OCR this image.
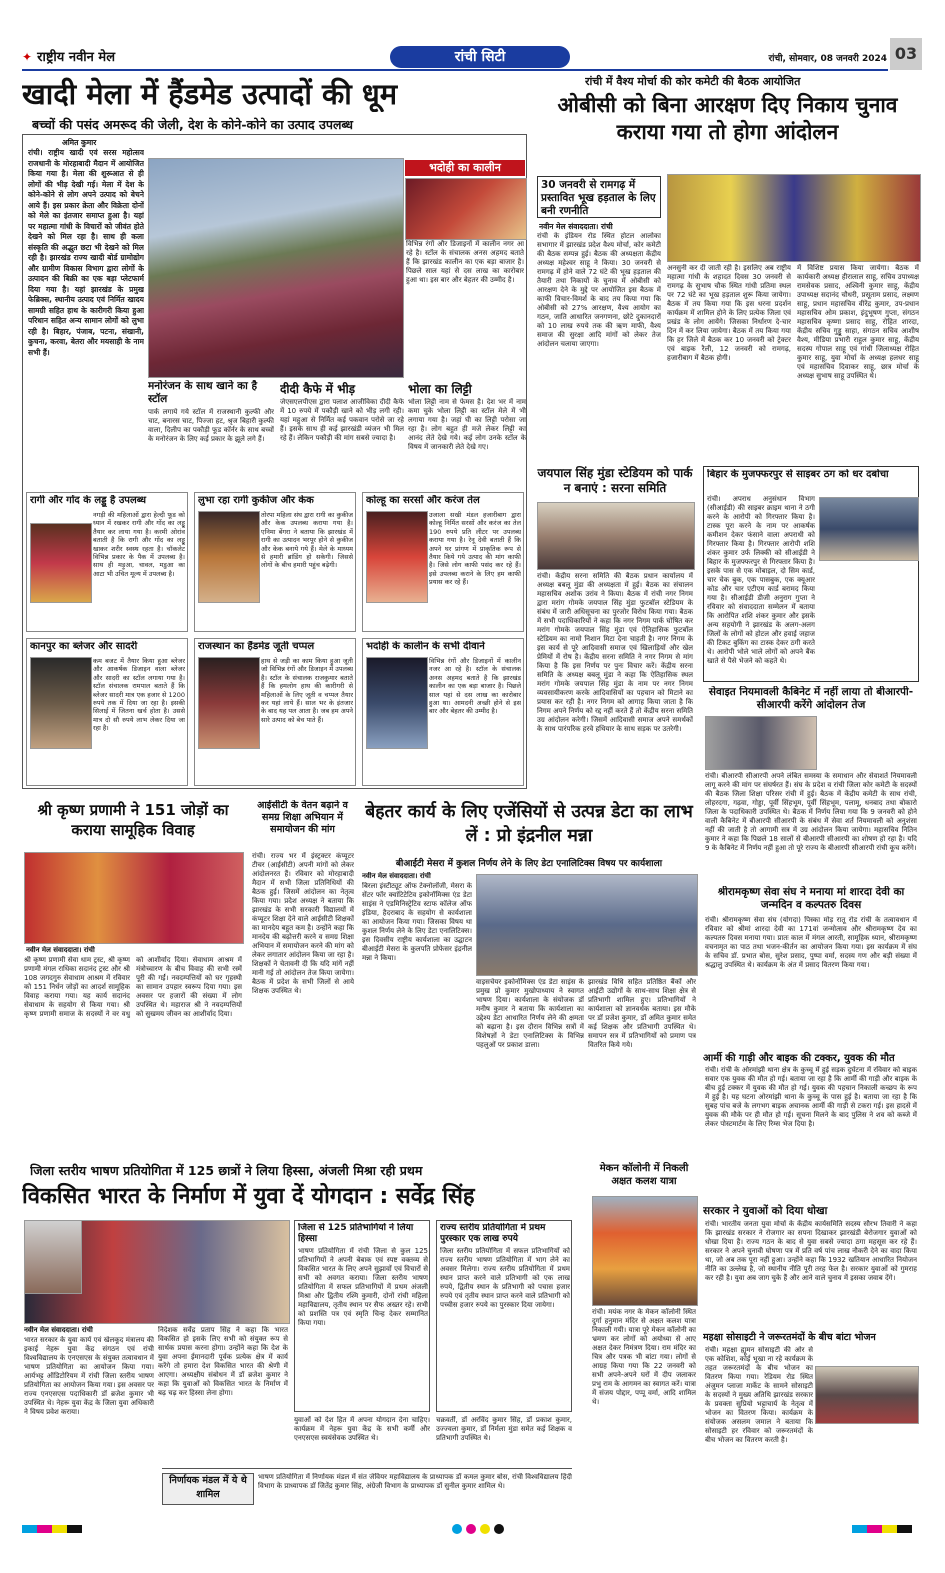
✦ राष्ट्रीय नवीन मेल	रांची सिटी	रांची, सोमवार, 08 जनवरी 2024 03
खादी मेला में हैंडमेड उत्पादों की धूम
बच्चों की पसंद अमरूद की जेली, देश के कोने-कोने का उत्पाद उपलब्ध
अमित कुमार
रांची। राष्ट्रीय खादी एवं सरस महोत्सव राजधानी के मोरहाबादी मैदान में आयोजित किया गया है। मेला की शुरूआत से ही लोगों की भीड़ देखी गई। मेला में देश के कोने-कोने से लोग अपने उत्पाद को बेचने आये हैं। इस प्रकार क्रेता और विक्रेता दोनों को मेले का इंतजार समाप्त हुआ है। यहां पर महात्मा गांधी के विचारों को जीवंत होते देखने को मिल रहा है। साथ ही कला संस्कृति की अद्भुत छटा भी देखने को मिल रही है। झारखंड राज्य खादी बोर्ड ग्रामोद्योग और ग्रामीण विकास विभाग द्वारा लोगों के उत्पादन की बिक्री का एक बड़ा प्लेटफार्म दिया गया है। यहां झारखंड के प्रमुख फेब्रिक्स, स्थानीय उत्पाद एवं निर्मित खादय सामग्री सहित हाथ के कारीगरी किया हुआ परिधान सहित अन्य सामान लोगों को लुभा रही है। बिहार, पंजाब, पटना, संखानी, कुचना, करवा, बेतरा और मयसाही के नाम सभी हैं।
भदोही का कालीन
विभिन्न रंगों और डिजाइनों में कालीन नगर आ रहे है। स्टॉल के संचालक अनस अहमद बताते हैं कि झारखंड कालीन का एक बड़ा बाजार है। पिछले साल यहां से दस लाख का कारोबार हुआ था। इस बार और बेहतर की उम्मीद है।
मनोरंजन के साथ खाने का है स्टॉल
पार्क लगाये गये स्टॉल में राजस्थानी कुल्फी और चाट, बनारस चाट, पिज्जा हट, श्रृज बिहारी कुल्फी वाला, दिलीप का पकौड़ी फूड कॉर्नर के साथ बच्चों के मनोरंजन के लिए कई प्रकार के झूले लगे हैं।
दीदी कैफे में भीड़
जेएसएलपीएस द्वारा पलाश आजीविका दीदी कैफे में 10 रुपये में पकौड़ी खाने को भीड़ लगी रही। यहां महुआ से निर्मित कई पकवान परोसे जा रहे हैं। इसके साथ ही कई झारखंडी व्यंजन भी मिल रहे हैं। लेकिन पकौड़ी की मांग सबसे ज्यादा है।
भोला का लिट्टी
भोला लिट्टी नाम से फेमस है। देश भर में नाम कमा चुके भोला लिट्टी का स्टॉल मेले में भी लगाया गया है। जहां घी का लिट्टी परोसा जा रहा है। लोग बहुत ही मजे लेकर लिट्टी का आनंद लेते देखे गये। कई लोग उनके स्टॉल के विषय में जानकारी लेते देखे गए।
रागी और गोंद के लड्डू है उपलब्ध
नगड़ी की महिलाओं द्वारा हेल्दी फूड को ध्यान में रखकर रागी और गोंद का लड्डू तैयार कर लाया गया है। करमी ओरांव बताती है कि रागी और गोंद का लड्डू खाकर शरीर स्वस्थ रहता है। चॉकलेट विभिन्न प्रकार के पैक में उपलब्ध है। साथ ही मड़ुआ, चावल, मडुआ का आटा भी उचित मूल्य में उपलब्ध है।
लुभा रहा रागी कुकीज और केक
तोरपा महिला संघ द्वारा रागी का कुकीज और केक उपलब्ध कराया गया है। एनिमा बेंगरा ने बताया कि झारखंड में रागी का उत्पादन भरपूर होने से कुकीज और केक बनाये गये हैं। मेले के माध्यम से हमारी ब्रांडिंग हो सकेगी। जिससे लोगों के बीच हमारी पहुंच बढ़ेगी।
कोल्हू का सरसों और करंज तेल
उजाला सखी मंडल हजारीबाग द्वारा कोल्हू निर्मित सरसों और करंज का तेल 190 रुपये प्रति लीटर पर उपलब्ध कराया गया है। रेनू देवी बताती हैं कि अपने घर प्रांगण में प्राकृतिक रूप से तैयार किये गये उत्पाद की मांग काफी है। जिसे लोग काफी पसंद कर रहे हैं। इसे उपलब्ध कराने के लिए हम काफी प्रयास कर रहे हैं।
कानपुर का ब्लेजर और सादरी
कम बजट में तैयार किया हुआ ब्लेजर और आकर्षक डिजाइन वाला ब्लेजर और सादरी का स्टॉल लगाया गया है। स्टॉल संचालक रामपाल बताते हैं कि ब्लेजर सादरी मात्र एक हजार से 1200 रुपये तक में दिया जा रहा है। इसकी सिलाई में जितना खर्च होता है। उससे मात्र दो सौ रुपये लाभ लेकर दिया जा रहा है।
राजस्थान का हैंडमेड जूती चप्पल
हाथ से जड़ी का काम किया हुआ जूती जो विभिन्न रंगों और डिजाइन में उपलब्ध है। स्टॉल के संचालक राजकुमार बताते हैं कि हमलोग हाथ की कारीगरी से महिलाओं के लिए जूती व चप्पल तैयार कर यहां लाये हैं। साल भर के इंतजार के बाद यह पल आता है। जब हम अपने सारे उत्पाद को बेच पाते हैं।
भदोही के कालीन के सभी दीवाने
विभिन्न रंगों और डिजाइनों में कालीन नजर आ रहे है। स्टॉल के संचालक अनस अहमद बताते है कि झारखंड कालीन का एक बड़ा बाजार है। पिछले साल यहां से दस लाख का कारोबार हुआ था। आमदनी अच्छी होने से इस बार और बेहतर की उम्मीद है।
रांची में वैश्य मोर्चा की कोर कमेटी की बैठक आयोजित
ओबीसी को बिना आरक्षण दिए निकाय चुनाव कराया गया तो होगा आंदोलन
30 जनवरी से रामगढ़ में प्रस्तावित भूख हड़ताल के लिए बनी रणनीति
नवीन मेल संवाददाता। रांची
रांची के इंडियन रोड स्थित होटल आलोका सभागार में झारखंड प्रदेश वैश्य मोर्चा, कोर कमेटी की बैठक सम्पन्न हुई। बैठक की अध्यक्षता केंद्रीय अध्यक्ष महेश्वर साहू ने किया। 30 जनवरी से रामगढ़ में होने वाले 72 घंटे की भूख हड़ताल की तैयारी तथा निकायों के चुनाव में ओबीसी को आरक्षण देने के मुद्दे पर आयोजित इस बैठक में काफी विचार-विमर्श के बाद तय किया गया कि ओबीसी को 27% आरक्षण, वैश्य आयोग का गठन, जाति आधारित जनगणना, छोटे दुकानदारों को 10 लाख रुपये तक की ऋण माफी, वैश्य समाज की सुरक्षा आदि मांगों को लेकर तेज आंदोलन चलाया जाएगा।
अनसुनी कर दी जाती रही है। इसलिए अब राष्ट्रीय महात्मा गांधी के शहादत दिवस 30 जनवरी से रामगढ़ के सुभाष चौक स्थित गांधी प्रतिमा स्थल पर 72 घंटे का भूख हड़ताल शुरू किया जायेगा। बैठक में तय किया गया कि इस धरना प्रदर्शन कार्यक्रम में शामिल होने के लिए प्रत्येक जिला एवं प्रखंड के लोग आयेंगे। जिसका निर्धारण दे-चार दिन में कर लिया जायेगा। बैठक में तय किया गया कि हर जिले में बैठक कर 10 जनवरी को ट्रेक्टर एवं बाइक रैली, 12 जनवरी को रामगढ़, हजारीबाग में बैठक होगी।
में विशिष्ट प्रयास किया जायेगा। बैठक में कार्यकारी अध्यक्ष हीरालाल साहू, सचिव उपाध्यक्ष रामसेवक प्रसाद, अश्विनी कुमार साहू, केंद्रीय उपाध्यक्ष सदानंद चौधरी, प्रसूताम प्रसाद, लक्ष्मण साहू, प्रधान महासचिव वीरेंद्र कुमार, उप-प्रधान महासचिव ओम प्रकाश, इंदुभूषण गुप्ता, संगठन महासचिव कृष्णा प्रसाद साहू, रोहित शारदा, केंद्रीय सचिव गुड्डू साहा, संगठन सचिव आशीष वैश्य, मीडिया प्रभारी राहुल कुमार साहू, केंद्रीय सदस्य गोपाल साहू एवं गांधी जिलाध्यक्ष रोहित कुमार साहू, युवा मोर्चा के अध्यक्ष हलधर साहू एवं महासचिव दिवाकर साहू, छात्र मोर्चा के अध्यक्ष सुभाष साहू उपस्थित थे।
जयपाल सिंह मुंडा स्टेडियम को पार्क न बनाएं : सरना समिति
रांची। केंद्रीय सरना समिति की बैठक प्रधान कार्यालय में अध्यक्ष बबलू मुंडा की अध्यक्षता में हुई। बैठक का संचालन महासचिव अशोक उरांव ने किया। बैठक में रांची नगर निगम द्वारा मरांग गोमके जयपाल सिंह मुंडा फुटबॉल स्टेडियम के संबंध में जारी अधिसूचना का पुरजोर विरोध किया गया। बैठक में सभी पदाधिकारियों ने कहा कि नगर निगम पार्क घोषित कर मरांग गोमके जयपाल सिंह मुंडा एवं ऐतिहासिक फुटबॉल स्टेडियम का नामो निशान मिटा देना चाहती है। नगर निगम के इस कार्य से पूरे आदिवासी समाज एवं खिलाड़ियों और खेल प्रेमियों में रोष है। केंद्रीय सरना समिति ने नगर निगम से मांग किया है कि इस निर्णय पर पुनः विचार करें। केंद्रीय सरना समिति के अध्यक्ष बबलू मुंडा ने कहा कि ऐतिहासिक स्थल मरांग गोमके जयपाल सिंह मुंडा के नाम पर नगर निगम व्यवसायीकरण करके आदिवासियों का पहचान को मिटाने का प्रयास कर रही है। नगर निगम को आगाह किया जाता है कि निगम अपने निर्णय को रद्द नहीं करते हैं तो केंद्रीय सरना समिति उग्र आंदोलन करेगी। जिसमें आदिवासी समाज अपने समर्थकों के साथ पारंपरिक हरवे हथियार के साथ सड़क पर उतरेगी।
बिहार के मुजफ्फरपुर से साइबर ठग को धर दबोचा
रांची। अपराध अनुसंधान विभाग (सीआईडी) की साइबर क्राइम थाना ने ठगी करने के आरोपी को गिरफ्तार किया है। टास्क पूरा करने के नाम पर आकर्षक कमीशन देकर फंसाने वाला अपराधी को गिरफ्तार किया है। गिरफ्तार आरोपी शशि शंकर कुमार उर्फ लिक्की को सीआईडी ने बिहार के मुजफ्फरपुर से गिरफ्तार किया है। इसके पास से एक मोबाइल, दो सिम कार्ड, चार चेक बुक, एक पासबुक, एक क्यूआर कोड और चार एटीएम कार्ड बरामद किया गया है। सीआईडी डीजी अनुराग गुप्ता ने रविवार को संवाददाता सम्मेलन में बताया कि आरोपित शशि शंकर कुमार और इसके अन्य सहयोगी ने झारखंड के अलग-अलग जिलों के लोगों को होटल और हवाई जहाज की टिकट बुकिंग का टास्क देकर ठगी करते थे। आरोपी भोले भाले लोगों को अपने बैंक खाते से पैसे भेजने को कहते थे।
सेवाइत नियमावली कैबिनेट में नहीं लाया तो बीआरपी-सीआरपी करेंगे आंदोलन तेज
रांची। बीआरपी सीआरपी अपने लंबित समस्या के समाधान और सेवाशर्त नियमावली लागू करने की मांग पर संघर्षरत हैं। संघ के प्रदेश व रांची जिला कोर कमेटी के सदस्यों की बैठक जिला शिक्षा परिसर रांची में हुई। बैठक में केंद्रीय कमेटी के साथ रांची, लोहरदगा, गढ़वा, गोड्डा, पूर्वी सिंहभूम, पूर्वी सिंहभूम, पलामू, धनबाद तथा बोकारो जिला के पदाधिकारी उपस्थित थे। बैठक में निर्णय लिया गया कि 9 जनवरी को होने वाली कैबिनेट में बीआरपी सीआरपी के संबंध में सेवा शर्त नियमावली को अनुशंसा नहीं की जाती है तो आगामी सत्र में उग्र आंदोलन किया जायेगा। महासचिव नितिन कुमार ने कहा कि पिछले 18 सालों से बीआरपी सीआरपी का शोषण हो रहा है। यदि 9 के कैबिनेट में निर्णय नहीं हुआ तो पूरे राज्य के बीआरपी सीआरपी रांची कूच करेंगे।
श्री कृष्ण प्रणामी ने 151 जोड़ों का कराया सामूहिक विवाह
नवीन मेल संवाददाता। रांची
श्री कृष्ण प्रणामी सेवा धाम ट्रस्ट, श्री कृष्ण प्रणामी मंगल राधिका सदानंद ट्रस्ट और श्री 108 जगदगुरु सेवाधाम आश्रम में रविवार को 151 निर्धन जोड़ों का आदर्श सामूहिक विवाह कराया गया। यह कार्य सदानंद सेवाधाम के सहयोग से किया गया। श्री कृष्ण प्रणामी समाज के सदस्यों ने वर वधु को आशीर्वाद दिया। सेवाधाम आश्रम में मंत्रोच्चारण के बीच विवाह की सभी रस्में पूरी की गईं। नवदम्पत्तियों को घर गृहस्थी का सामान उपहार स्वरूप दिया गया। इस अवसर पर हजारों की संख्या में लोग उपस्थित थे। महाराज श्री ने नवदम्पत्तियों को सुखमय जीवन का आशीर्वाद दिया।
आईसीटी के वेतन बढ़ाने व समग्र शिक्षा अभियान में समायोजन की मांग
रांची। राज्य भर में इंस्ट्रक्टर कंप्यूटर टीचर (आईसीटी) अपनी मांगों को लेकर आंदोलनरत हैं। रविवार को मोरहाबादी मैदान में सभी जिला प्रतिनिधियों की बैठक हुई। जिसमें आंदोलन का नेतृत्व किया गया। प्रदेश अध्यक्ष ने बताया कि झारखंड के सभी सरकारी विद्यालयों में कंप्यूटर शिक्षा देने वाले आईसीटी शिक्षकों का मानदेय बहुत कम है। उन्होंने कहा कि मानदेय की बढ़ोत्तरी करने व समग्र शिक्षा अभियान में समायोजन करने की मांग को लेकर लगातार आंदोलन किया जा रहा है। शिक्षकों ने चेतावनी दी कि यदि मांगें नहीं मानी गई तो आंदोलन तेज किया जायेगा। बैठक में प्रदेश के सभी जिलों से आये शिक्षक उपस्थित थे।
बेहतर कार्य के लिए एजेंसियों से उत्पन्न डेटा का लाभ लें : प्रो इंद्रनील मन्ना
बीआईटी मेसरा में कुशल निर्णय लेने के लिए डेटा एनालिटिक्स विषय पर कार्यशाला
नवीन मेल संवाददाता। रांची
बिरला इंस्टीट्यूट ऑफ टेक्नोलॉजी, मेसरा के सेंटर फॉर क्वांटिटेटिव इकोनॉमिक्स एंड डेटा साइंस ने एडमिनिस्ट्रेटिव स्टाफ कॉलेज ऑफ इंडिया, हैदराबाद के सहयोग से कार्यशाला का आयोजन किया गया। जिसका विषय था कुशल निर्णय लेने के लिए डेटा एनालिटिक्स। इस दिवसीय राष्ट्रीय कार्यशाला का उद्घाटन बीआईटी मेसरा के कुलपति प्रोफेसर इंद्रनील मन्ना ने किया।
वाइसचेयर इकोनॉमिक्स एंड डेटा साइंस के प्रमुख प्रो कुमार मुखोपाध्याय ने स्वागत भाषण दिया। कार्यशाला के संयोजक डॉ मनीष कुमार ने बताया कि कार्यशाला का उद्देश्य डेटा आधारित निर्णय लेने की क्षमता को बढ़ाना है। इस दौरान विभिन्न सत्रों में विशेषज्ञों ने डेटा एनालिटिक्स के विभिन्न पहलुओं पर प्रकाश डाला।
झारखंड विधि सहित प्रतिष्ठित बैंकों और आईटी उद्योगों के साथ-साथ शिक्षा क्षेत्र से प्रतिभागी शामिल हुए। प्रतिभागियों ने कार्यशाला को ज्ञानवर्धक बताया। इस मौके पर डॉ प्रजेश कुमार, डॉ अमित कुमार समेत कई शिक्षक और प्रतिभागी उपस्थित थे। समापन सत्र में प्रतिभागियों को प्रमाण पत्र वितरित किये गये।
श्रीरामकृष्ण सेवा संघ ने मनाया मां शारदा देवी का जन्मदिन व कल्पतरु दिवस
रांची। श्रीरामकृष्ण सेवा संघ (योगदा) पिस्का मोड़ रातू रोड रांची के तत्वावधान में रविवार को श्रीमां शारदा देवी का 171वां जन्मोत्सव और श्रीरामकृष्ण देव का कल्पतरु दिवस मनाया गया। प्रातः काल में मंगल आरती, सामूहिक ध्यान, श्रीरामकृष्ण वचनामृत का पाठ तथा भजन-कीर्तन का आयोजन किया गया। इस कार्यक्रम में संघ के सचिव डॉ. प्रभात बोस, सुरेश प्रसाद, पुष्पा वर्मा, सदस्य गण और बड़ी संख्या में श्रद्धालु उपस्थित थे। कार्यक्रम के अंत में प्रसाद वितरण किया गया।
आर्मी की गाड़ी और बाइक की टक्कर, युवक की मौत
रांची। रांची के ओरमांझी थाना क्षेत्र के कुच्चू में हुई सड़क दुर्घटना में रविवार को बाइक सवार एक युवक की मौत हो गई। बताया जा रहा है कि आर्मी की गाड़ी और बाइक के बीच हुई टक्कर में युवक की मौत हो गई। युवक की पहचान निकाली कच्छप के रूप में हुई है। यह घटना ओरमांझी थाना के कुच्चू के पास हुई है। बताया जा रहा है कि सुबह पांच बजे के लगभग बाइक अचानक आर्मी की गाड़ी से टकरा गई। इस हादसे में युवक की मौके पर ही मौत हो गई। सूचना मिलने के बाद पुलिस ने शव को कब्जे में लेकर पोस्टमार्टम के लिए रिम्स भेज दिया है।
जिला स्तरीय भाषण प्रतियोगिता में 125 छात्रों ने लिया हिस्सा, अंजली मिश्रा रही प्रथम
विकसित भारत के निर्माण में युवा दें योगदान : सर्वेद्र सिंह
नवीन मेल संवाददाता। रांची
भारत सरकार के युवा कार्य एवं खेलकूद मंत्रालय की इकाई नेहरू युवा केंद्र संगठन एवं रांची विश्वविद्यालय के एनएसएस के संयुक्त तत्वावधान में भाषण प्रतियोगिता का आयोजन किया गया। आर्यभट्ट ऑडिटोरियम में रांची जिला स्तरीय भाषण प्रतियोगिता का आयोजन किया गया। इस अवसर पर राज्य एनएसएस पदाधिकारी डॉ ब्रजेश कुमार भी उपस्थित थे। नेहरू युवा केंद्र के जिला युवा अधिकारी ने विषय प्रवेश कराया।
निदेशक सर्वेद्र प्रताप सिंह ने कहा कि भारत विकसित हो इसके लिए सभी को संयुक्त रूप से सार्थक प्रयास करना होगा। उन्होंने कहा कि देश के युवा अपना ईमानदारी पूर्वक प्रत्येक क्षेत्र में कार्य करेंगे तो हमारा देश विकसित भारत की श्रेणी में आएगा। अध्यक्षीय संबोधन में डॉ ब्रजेश कुमार ने कहा कि युवाओं को विकसित भारत के निर्माण में बढ़ चढ़ कर हिस्सा लेना होगा।
जिला से 125 प्रतिभागियों ने लिया हिस्सा
भाषण प्रतियोगिता में रांची जिला से कुल 125 प्रतिभागियों ने अपनी बेबाक एवं स्पष्ट वक्तव्य से विकसित भारत के लिए अपने सुझावों एवं विचारों से सभी को अवगत कराया। जिला स्तरीय भाषण प्रतियोगिता में सफल प्रतिभागियों में प्रथम अंजली मिश्रा और द्वितीय रश्मि कुमारी, दोनों रांची महिला महाविद्यालय, तृतीय स्थान पर सैफ अख्तर रहे। सभी को प्रशस्ति पत्र एवं स्मृति चिन्ह देकर सम्मानित किया गया।
राज्य स्तरीय प्रतियोगिता में प्रथम पुरस्कार एक लाख रुपये
जिला स्तरीय प्रतियोगिता में सफल प्रतिभागियों को राज्य स्तरीय भाषण प्रतियोगिता में भाग लेने का अवसर मिलेगा। राज्य स्तरीय प्रतियोगिता में प्रथम स्थान प्राप्त करने वाले प्रतिभागी को एक लाख रुपये, द्वितीय स्थान के प्रतिभागी को पचास हजार रुपये एवं तृतीय स्थान प्राप्त करने वाले प्रतिभागी को पच्चीस हजार रुपये का पुरस्कार दिया जायेगा।
युवाओं को देश हित में अपना योगदान देना चाहिए। कार्यक्रम में नेहरू युवा केंद्र के सभी कर्मी और एनएसएस स्वयंसेवक उपस्थित थे।
चक्रवर्ती, डॉ अरविंद कुमार सिंह, डॉ प्रकाश कुमार, उज्ज्वला कुमार, डॉ निर्मला मुंडा समेत कई शिक्षक व प्रतिभागी उपस्थित थे।
निर्णायक मंडल में ये थे शामिल
भाषण प्रतियोगिता में निर्णायक मंडल में संत जेवियर महाविद्यालय के प्राध्यापक डॉ कमल कुमार बोस, रांची विश्वविद्यालय हिंदी विभाग के प्राध्यापक डॉ जितेंद्र कुमार सिंह, अंग्रेजी विभाग के प्राध्यापक डॉ सुनील कुमार शामिल थे।
मेकन कॉलोनी में निकली अक्षत कलश यात्रा
रांची। मयंक नगर के मेकन कॉलोनी स्थित दुर्गा हनुमान मंदिर से अक्षत कलश यात्रा निकाली गयी। यात्रा पूरे मेकन कॉलोनी का भ्रमण कर लोगों को अयोध्या से आए अक्षत देकर निमंत्रण दिया। राम मंदिर का चित्र और पत्रक भी बांटा गया। लोगों से आग्रह किया गया कि 22 जनवरी को सभी अपने-अपने घरों में दीप जलाकर प्रभु राम के आगमन का स्वागत करें। यात्रा में संजय पोद्दार, पप्पू वर्मा, आदि शामिल थे।
सरकार ने युवाओं को दिया धोखा
रांची। भारतीय जनता युवा मोर्चा के केंद्रीय कार्यसमिति सदस्य सौरभ तिवारी ने कहा कि झारखंड सरकार ने रोजगार का सपना दिखाकर झारखंडी बेरोजगार युवाओं को धोखा दिया है। राज्य गठन के बाद से युवा सबसे ज्यादा ठगा महसूस कर रहे हैं। सरकार ने अपने चुनावी घोषणा पत्र में प्रति वर्ष पांच लाख नौकरी देने का वादा किया था, जो अब तक पूरा नहीं हुआ। उन्होंने कहा कि 1932 खतियान आधारित नियोजन नीति का उल्लेख है, जो स्थानीय नीति पूरी तरह फेल है। सरकार युवाओं को गुमराह कर रही है। युवा अब जाग चुके हैं और आने वाले चुनाव में इसका जवाब देंगे।
महक्षा सोसाइटी ने जरूरतमंदों के बीच बांटा भोजन
रांची। महक्षा ह्यूमन सोसाइटी की ओर से एक कोशिश, कोई भूखा ना रहे कार्यक्रम के तहत जरूरतमंदों के बीच भोजन का वितरण किया गया। रेडियम रोड स्थित अंजुमन प्लाजा मार्केट के सामने सोसाइटी के सदस्यों ने मुख्य अतिथि झारखंड सरकार के प्रवक्ता सुप्रियो भट्टाचार्य के नेतृत्व में भोजन का वितरण किया। कार्यक्रम के संयोजक असलम जमाल ने बताया कि सोसाइटी हर रविवार को जरूरतमंदों के बीच भोजन का वितरण करती है।
